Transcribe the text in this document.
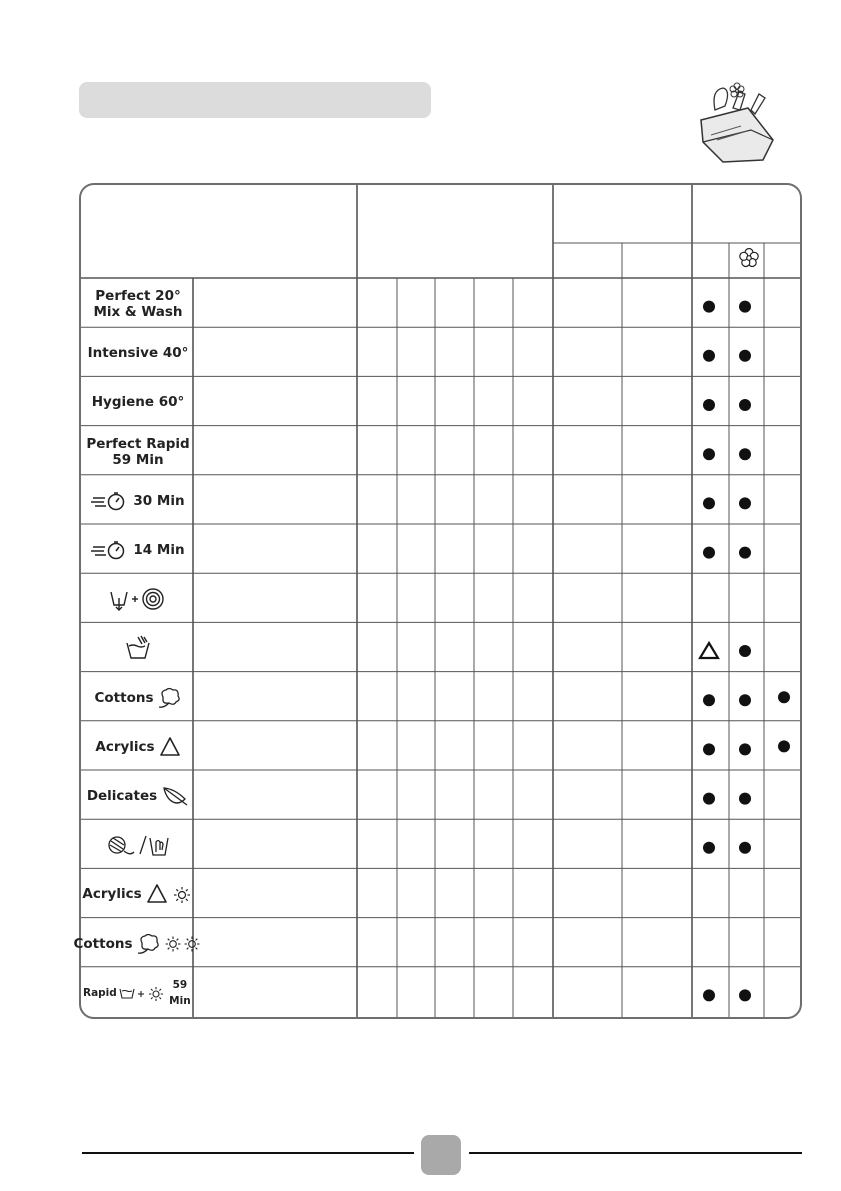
Perfect 20°
Mix & Wash
Intensive 40°
Hygiene 60°
Perfect Rapid
59 Min
30 Min
14 Min
Cottons
Acrylics
Delicates
Acrylics
Cottons
Rapid
59 Min
